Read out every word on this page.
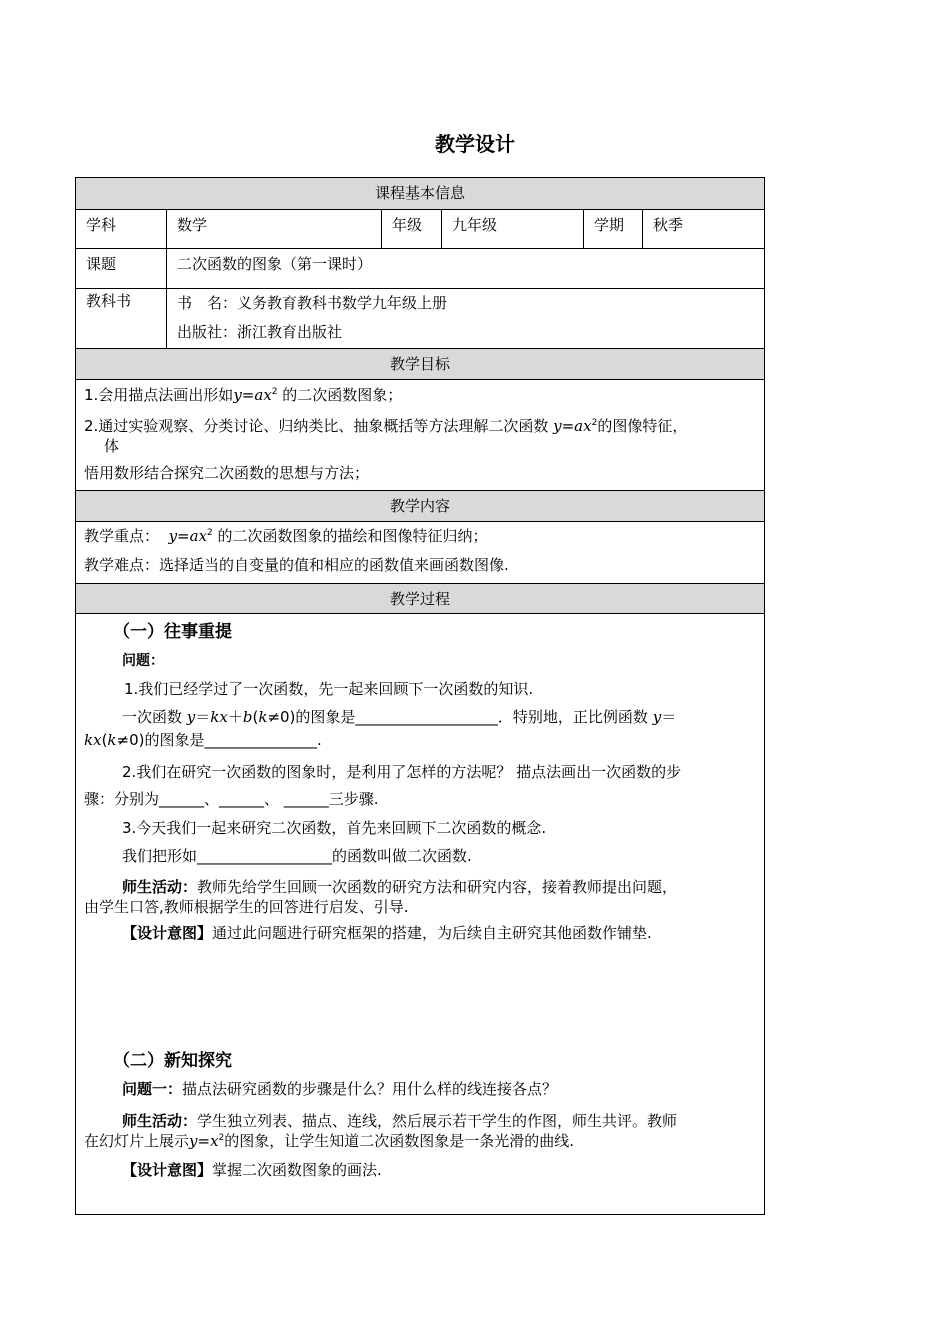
教学设计
课程基本信息
学科	数学	年级	九年级	学期	秋季
课题	二次函数的图象（第一课时）
教科书	书　名：义务教育教科书数学九年级上册
出版社：浙江教育出版社
教学目标
1.会用描点法画出形如$y=ax^2$ 的二次函数图象；
2.通过实验观察、分类讨论、归纳类比、抽象概括等方法理解二次函数 $y=ax^2$的图像特征，
体
悟用数形结合探究二次函数的思想与方法；
教学内容
教学重点： $y=ax^2$ 的二次函数图象的描绘和图像特征归纳；
教学难点：选择适当的自变量的值和相应的函数值来画函数图像.
教学过程
（一）往事重提
问题：
1.我们已经学过了一次函数，先一起来回顾下一次函数的知识.
一次函数 y＝kx＋b(k≠0)的图象是___________________．特别地，正比例函数 y＝
kx(k≠0)的图象是_______________.
2.我们在研究一次函数的图象时，是利用了怎样的方法呢？ 描点法画出一次函数的步
骤：分别为______、______、 ______三步骤.
3.今天我们一起来研究二次函数，首先来回顾下二次函数的概念.
我们把形如__________________的函数叫做二次函数.
师生活动：教师先给学生回顾一次函数的研究方法和研究内容，接着教师提出问题，
由学生口答,教师根据学生的回答进行启发、引导.
【设计意图】通过此问题进行研究框架的搭建，为后续自主研究其他函数作铺垫.
（二）新知探究
问题一：描点法研究函数的步骤是什么？用什么样的线连接各点？
师生活动：学生独立列表、描点、连线，然后展示若干学生的作图，师生共评。教师
在幻灯片上展示$y=x^2$的图象，让学生知道二次函数图象是一条光滑的曲线.
【设计意图】掌握二次函数图象的画法.
